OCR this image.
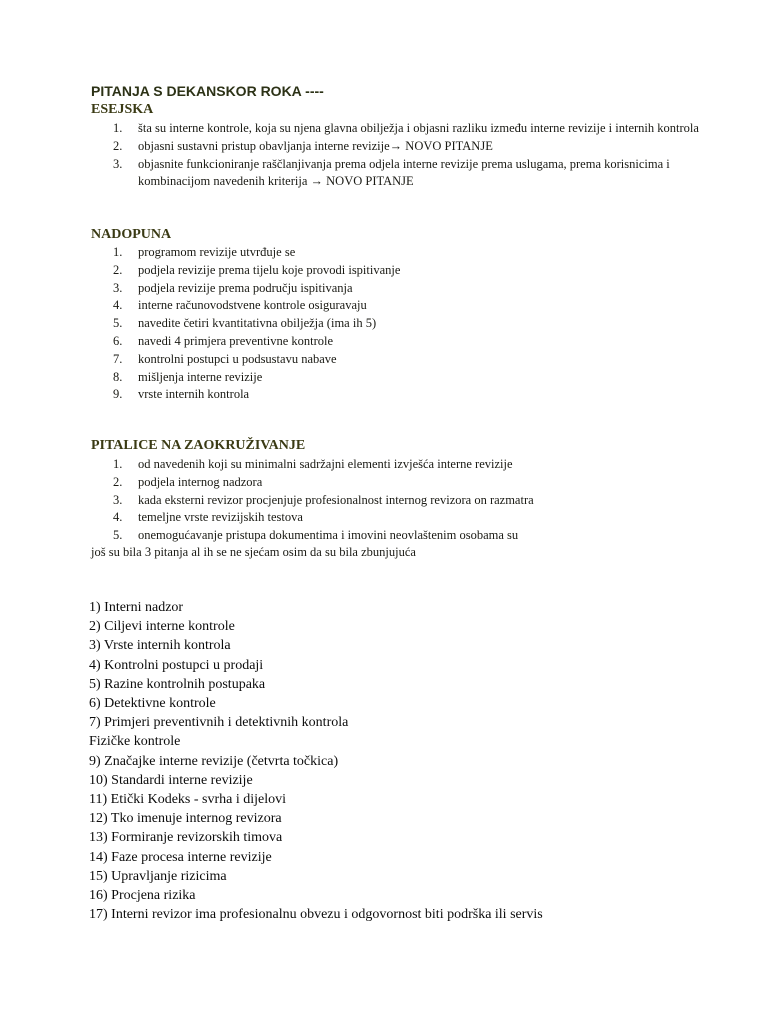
PITANJA S DEKANSKOR ROKA ----
ESEJSKA
1. šta su interne kontrole, koja su njena glavna obilježja i objasni razliku između interne revizije i internih kontrola
2. objasni sustavni pristup obavljanja interne revizije→ NOVO PITANJE
3. objasnite funkcioniranje raščlanjivanja prema odjela interne revizije prema uslugama, prema korisnicima i kombinacijom navedenih kriterija → NOVO PITANJE
NADOPUNA
1. programom revizije utvrđuje se
2. podjela revizije prema tijelu koje provodi ispitivanje
3. podjela revizije prema području ispitivanja
4. interne računovodstvene kontrole osiguravaju
5. navedite četiri kvantitativna obilježja (ima ih 5)
6. navedi 4 primjera preventivne kontrole
7. kontrolni postupci u podsustavu nabave
8. mišljenja interne revizije
9. vrste internih kontrola
PITALICE NA ZAOKRUŽIVANJE
1. od navedenih koji su minimalni sadržajni elementi izvješća interne revizije
2. podjela internog nadzora
3. kada eksterni revizor procjenjuje profesionalnost internog revizora on razmatra
4. temeljne vrste revizijskih testova
5. onemogućavanje pristupa dokumentima i imovini neovlaštenim osobama su

još su bila 3 pitanja al ih se ne sjećam osim da su bila zbunjujuća

1) Interni nadzor
2) Ciljevi interne kontrole
3) Vrste internih kontrola
4) Kontrolni postupci u prodaji
5) Razine kontrolnih postupaka
6) Detektivne kontrole
7) Primjeri preventivnih i detektivnih kontrola
Fizičke kontrole
9) Značajke interne revizije (četvrta točkica)
10) Standardi interne revizije
11) Etički Kodeks - svrha i dijelovi
12) Tko imenuje internog revizora
13) Formiranje revizorskih timova
14) Faze procesa interne revizije
15) Upravljanje rizicima
16) Procjena rizika
17) Interni revizor ima profesionalnu obvezu i odgovornost biti podrška ili servis
